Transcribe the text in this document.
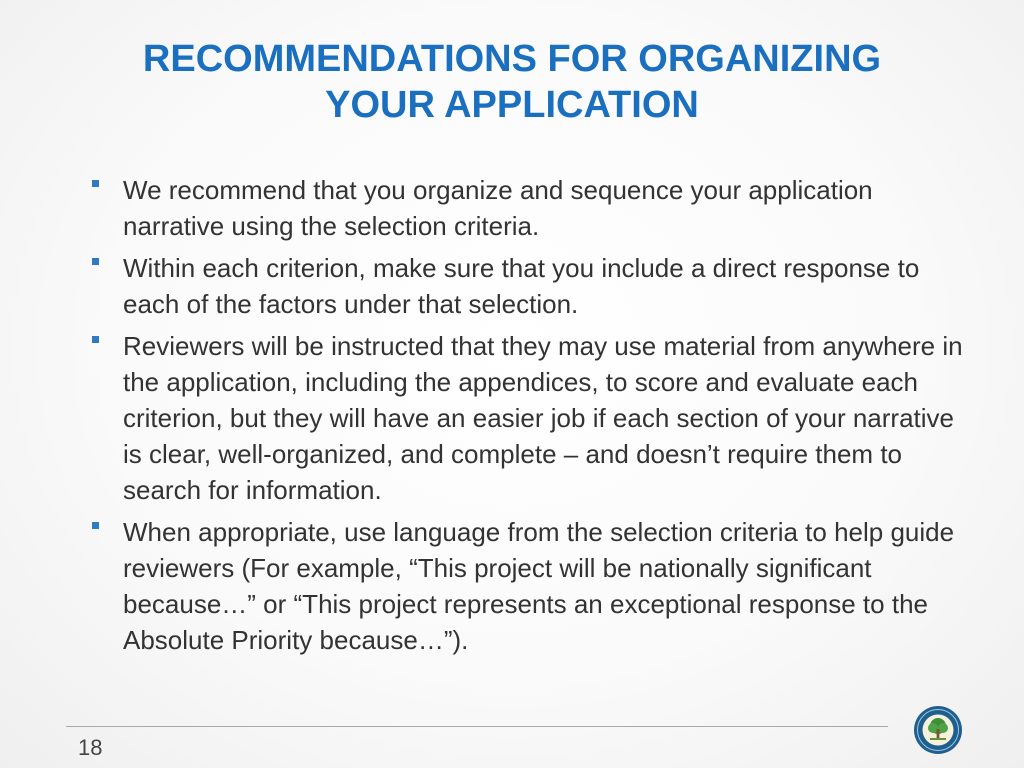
RECOMMENDATIONS FOR ORGANIZING
YOUR APPLICATION
We recommend that you organize and sequence your application narrative using the selection criteria.
Within each criterion, make sure that you include a direct response to each of the factors under that selection.
Reviewers will be instructed that they may use material from anywhere in the application, including the appendices, to score and evaluate each criterion, but they will have an easier job if each section of your narrative is clear, well-organized, and complete – and doesn’t require them to search for information.
When appropriate, use language from the selection criteria to help guide reviewers (For example, “This project will be nationally significant because…” or “This project represents an exceptional response to the Absolute Priority because…”).
18
